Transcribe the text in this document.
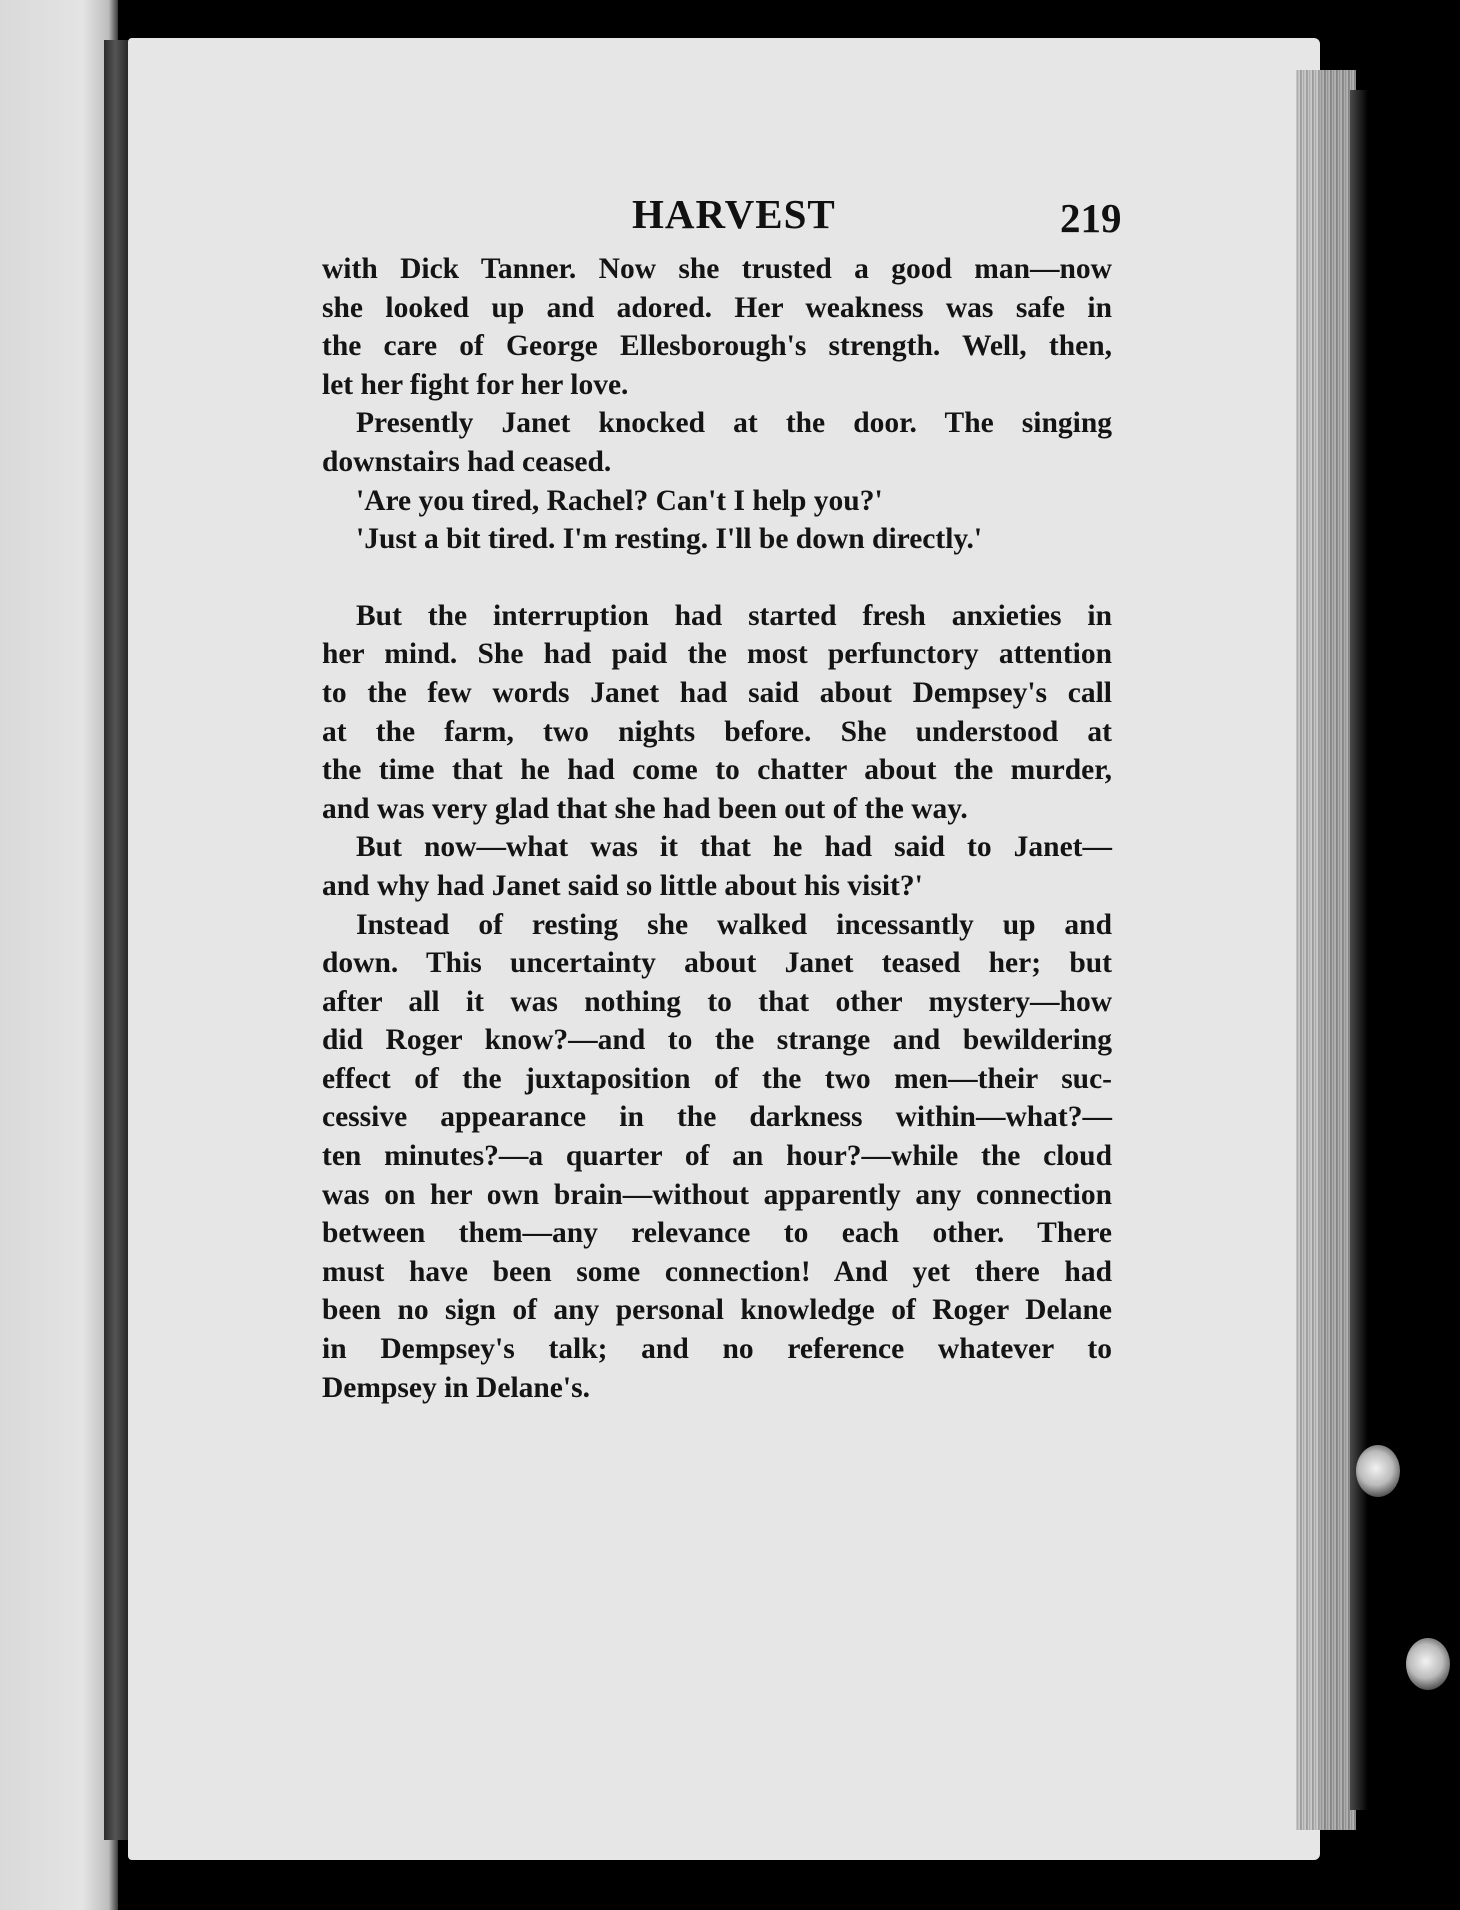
HARVEST	219
with Dick Tanner. Now she trusted a good man—now
she looked up and adored. Her weakness was safe in
the care of George Ellesborough's strength. Well, then,
let her fight for her love.
Presently Janet knocked at the door. The singing
downstairs had ceased.
'Are you tired, Rachel? Can't I help you?'
'Just a bit tired. I'm resting. I'll be down directly.'
But the interruption had started fresh anxieties in
her mind. She had paid the most perfunctory attention
to the few words Janet had said about Dempsey's call
at the farm, two nights before. She understood at
the time that he had come to chatter about the murder,
and was very glad that she had been out of the way.
But now—what was it that he had said to Janet—
and why had Janet said so little about his visit?'
Instead of resting she walked incessantly up and
down. This uncertainty about Janet teased her; but
after all it was nothing to that other mystery—how
did Roger know?—and to the strange and bewildering
effect of the juxtaposition of the two men—their suc-
cessive appearance in the darkness within—what?—
ten minutes?—a quarter of an hour?—while the cloud
was on her own brain—without apparently any connection
between them—any relevance to each other. There
must have been some connection! And yet there had
been no sign of any personal knowledge of Roger Delane
in Dempsey's talk; and no reference whatever to
Dempsey in Delane's.
